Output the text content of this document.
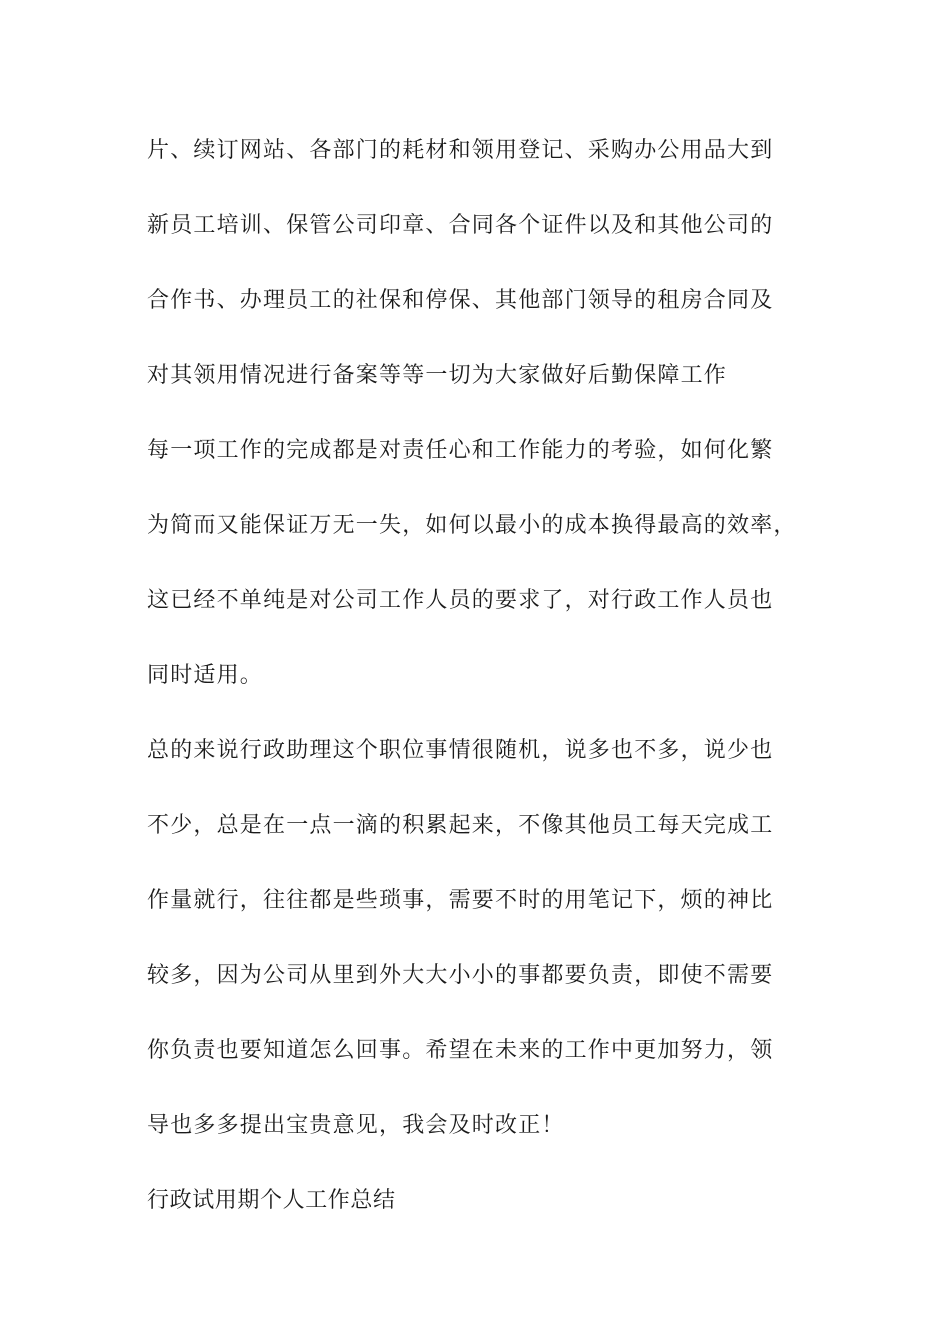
片、续订网站、各部门的耗材和领用登记、采购办公用品大到
新员工培训、保管公司印章、合同各个证件以及和其他公司的
合作书、办理员工的社保和停保、其他部门领导的租房合同及
对其领用情况进行备案等等一切为大家做好后勤保障工作
每一项工作的完成都是对责任心和工作能力的考验，如何化繁
为简而又能保证万无一失，如何以最小的成本换得最高的效率，
这已经不单纯是对公司工作人员的要求了，对行政工作人员也
同时适用。
总的来说行政助理这个职位事情很随机，说多也不多，说少也
不少，总是在一点一滴的积累起来，不像其他员工每天完成工
作量就行，往往都是些琐事，需要不时的用笔记下，烦的神比
较多，因为公司从里到外大大小小的事都要负责，即使不需要
你负责也要知道怎么回事。希望在未来的工作中更加努力，领
导也多多提出宝贵意见，我会及时改正！
行政试用期个人工作总结
